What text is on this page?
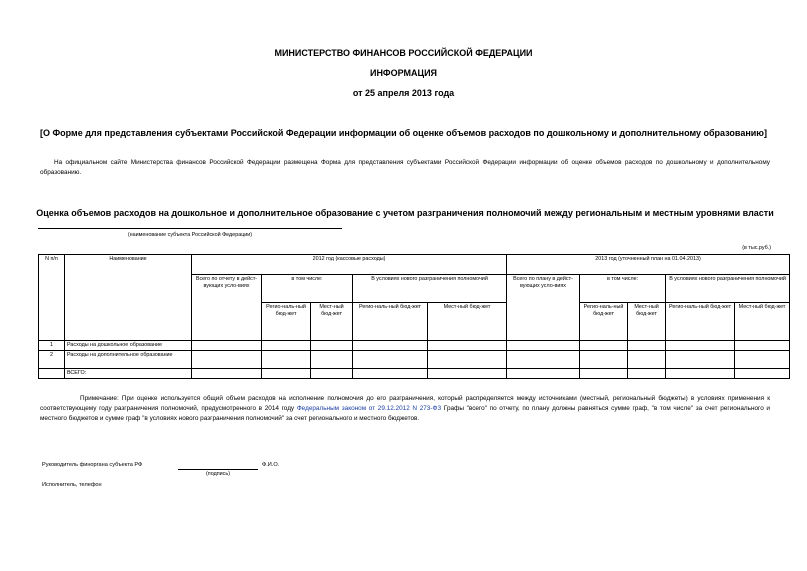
МИНИСТЕРСТВО ФИНАНСОВ РОССИЙСКОЙ ФЕДЕРАЦИИ
ИНФОРМАЦИЯ
от 25 апреля 2013 года
[О Форме для представления субъектами Российской Федерации информации об оценке объемов расходов по дошкольному и дополнительному образованию]
На официальном сайте Министерства финансов Российской Федерации размещена Форма для представления субъектами Российской Федерации информации об оценке объемов расходов по дошкольному и дополнительному образованию.
Оценка объемов расходов на дошкольное и дополнительное образование с учетом разграничения полномочий между региональным и местным уровнями власти
(наименование субъекта Российской Федерации)
(в тыс.руб.)
N п/п	Наименование	2012 год (кассовые расходы)					2013 год (уточненный план на 01.04.2013)				
		Всего по отчету в дейст-вующих усло-виях	в том числе:		В условиях нового разграничения полномочий		Всего по плану в дейст-вующих усло-виях	в том числе:		В условиях нового разграничения полномочий	
			Регио-наль-ный бюд-жет	Мест-ный бюд-жет	Регио-наль-ный бюд-жет	Мест-ный бюд-жет		Регио-наль-ный бюд-жет	Мест-ный бюд-жет	Регио-наль-ный бюд-жет	Мест-ный бюд-жет
1	Расходы на дошкольное образование										
2	Расходы на дополнительное образование										
	ВСЕГО:										
Примечание: При оценке используется общий объем расходов на исполнение полномочия до его разграничения, который распределяется между источниками (местный, региональный бюджеты) в условиях применения к соответствующему году разграничения полномочий, предусмотренного в 2014 году Федеральным законом от 29.12.2012 N 273-ФЗ Графы "всего" по отчету, по плану должны равняться сумме граф, "в том числе" за счет регионального и местного бюджетов и сумме граф "в условиях нового разграничения полномочий" за счет регионального и местного бюджетов.
Руководитель финоргана субъекта РФ
(подпись)
Ф.И.О.
Исполнитель, телефон
